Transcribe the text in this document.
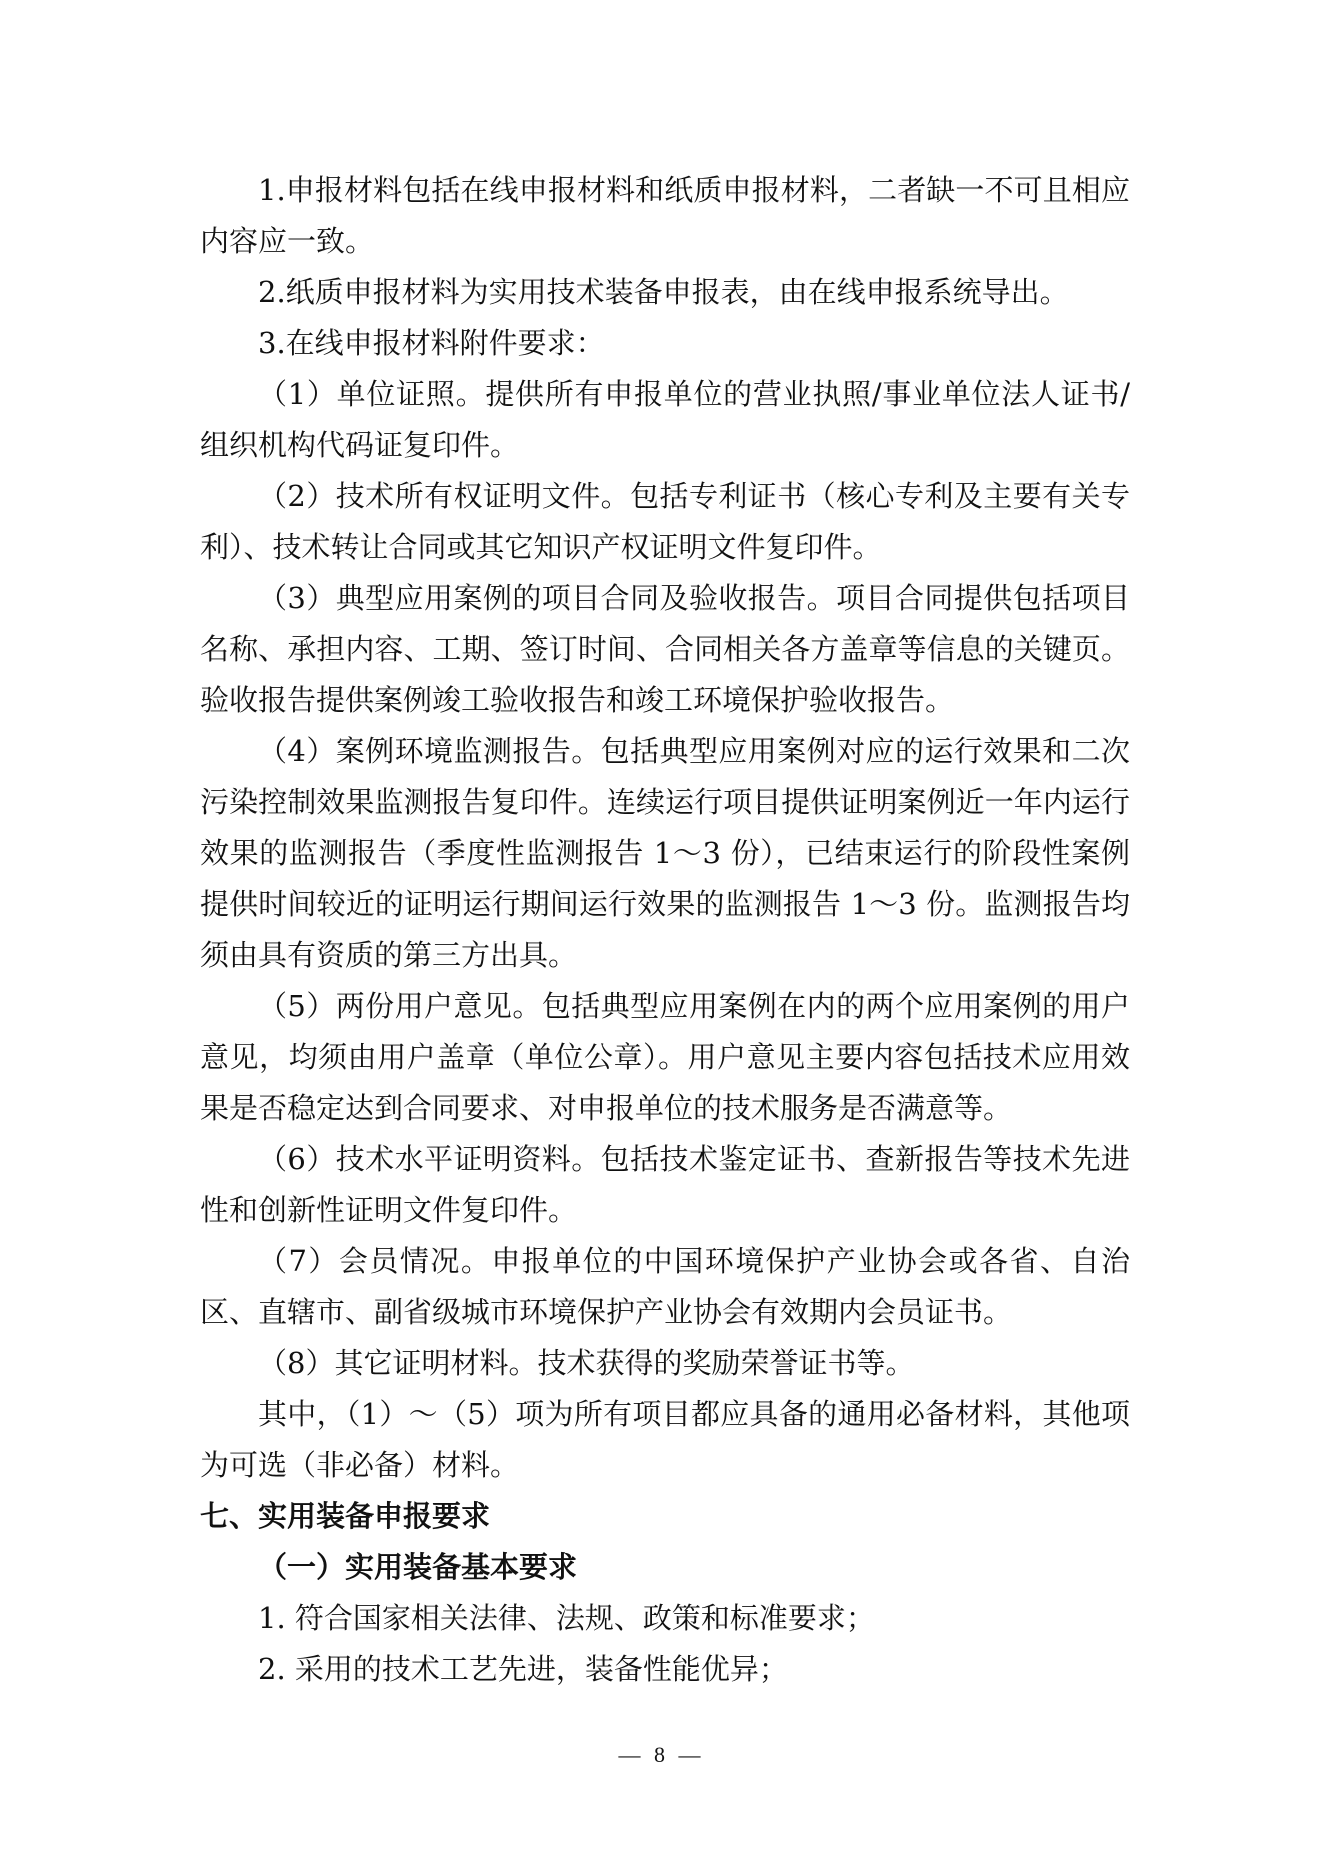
1.申报材料包括在线申报材料和纸质申报材料，二者缺一不可且相应内容应一致。

2.纸质申报材料为实用技术装备申报表，由在线申报系统导出。

3.在线申报材料附件要求：

（1）单位证照。提供所有申报单位的营业执照/事业单位法人证书/组织机构代码证复印件。

（2）技术所有权证明文件。包括专利证书（核心专利及主要有关专利）、技术转让合同或其它知识产权证明文件复印件。

（3）典型应用案例的项目合同及验收报告。项目合同提供包括项目名称、承担内容、工期、签订时间、合同相关各方盖章等信息的关键页。验收报告提供案例竣工验收报告和竣工环境保护验收报告。

（4）案例环境监测报告。包括典型应用案例对应的运行效果和二次污染控制效果监测报告复印件。连续运行项目提供证明案例近一年内运行效果的监测报告（季度性监测报告 1～3 份），已结束运行的阶段性案例提供时间较近的证明运行期间运行效果的监测报告 1～3 份。监测报告均须由具有资质的第三方出具。

（5）两份用户意见。包括典型应用案例在内的两个应用案例的用户意见，均须由用户盖章（单位公章）。用户意见主要内容包括技术应用效果是否稳定达到合同要求、对申报单位的技术服务是否满意等。

（6）技术水平证明资料。包括技术鉴定证书、查新报告等技术先进性和创新性证明文件复印件。

（7）会员情况。申报单位的中国环境保护产业协会或各省、自治区、直辖市、副省级城市环境保护产业协会有效期内会员证书。

（8）其它证明材料。技术获得的奖励荣誉证书等。

其中，（1）～（5）项为所有项目都应具备的通用必备材料，其他项为可选（非必备）材料。

七、实用装备申报要求

（一）实用装备基本要求

1. 符合国家相关法律、法规、政策和标准要求；

2. 采用的技术工艺先进，装备性能优异；

— 8 —
